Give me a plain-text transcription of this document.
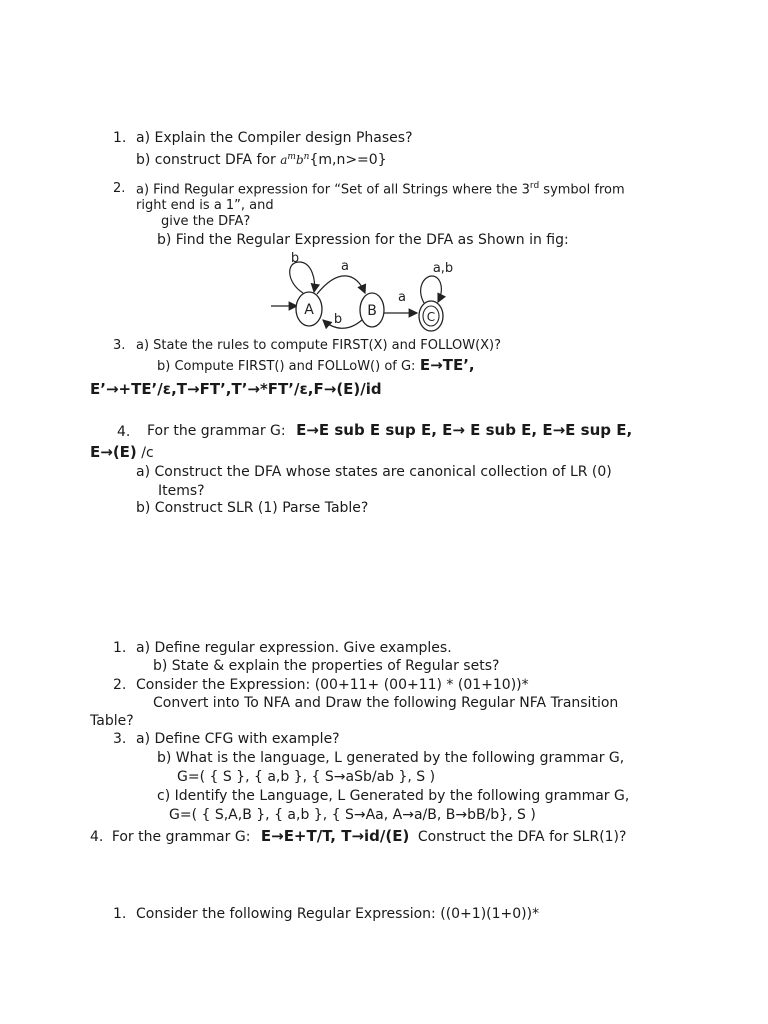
1. a) Explain the Compiler design Phases?
b) construct DFA for $a^mb^n\{m,n>=0\}$
2. a) Find Regular expression for “Set of all Strings where the 3rd symbol from
right end is a 1”, and
give the DFA?
b) Find the Regular Expression for the DFA as Shown in fig:
A
b
a
B
b
a
C
a,b
3. a) State the rules to compute FIRST(X) and FOLLOW(X)?
b) Compute FIRST() and FOLLoW() of G: E→TE’,
E’→+TE’/ε,T→FT’,T’→*FT’/ε,F→(E)/id
4. For the grammar G: E→E sub E sup E, E→ E sub E, E→E sup E,
E→(E) /c
a) Construct the DFA whose states are canonical collection of LR (0)
Items?
b) Construct SLR (1) Parse Table?
1. a) Define regular expression. Give examples.
b) State & explain the properties of Regular sets?
2. Consider the Expression: (00+11+ (00+11) * (01+10))*
Convert into To NFA and Draw the following Regular NFA Transition
Table?
3. a) Define CFG with example?
b) What is the language, L generated by the following grammar G,
G=( { S }, { a,b }, { S→aSb/ab }, S )
c) Identify the Language, L Generated by the following grammar G,
G=( { S,A,B }, { a,b }, { S→Aa, A→a/B, B→bB/b}, S )
4. For the grammar G: E→E+T/T, T→id/(E) Construct the DFA for SLR(1)?
1. Consider the following Regular Expression: ((0+1)(1+0))*
